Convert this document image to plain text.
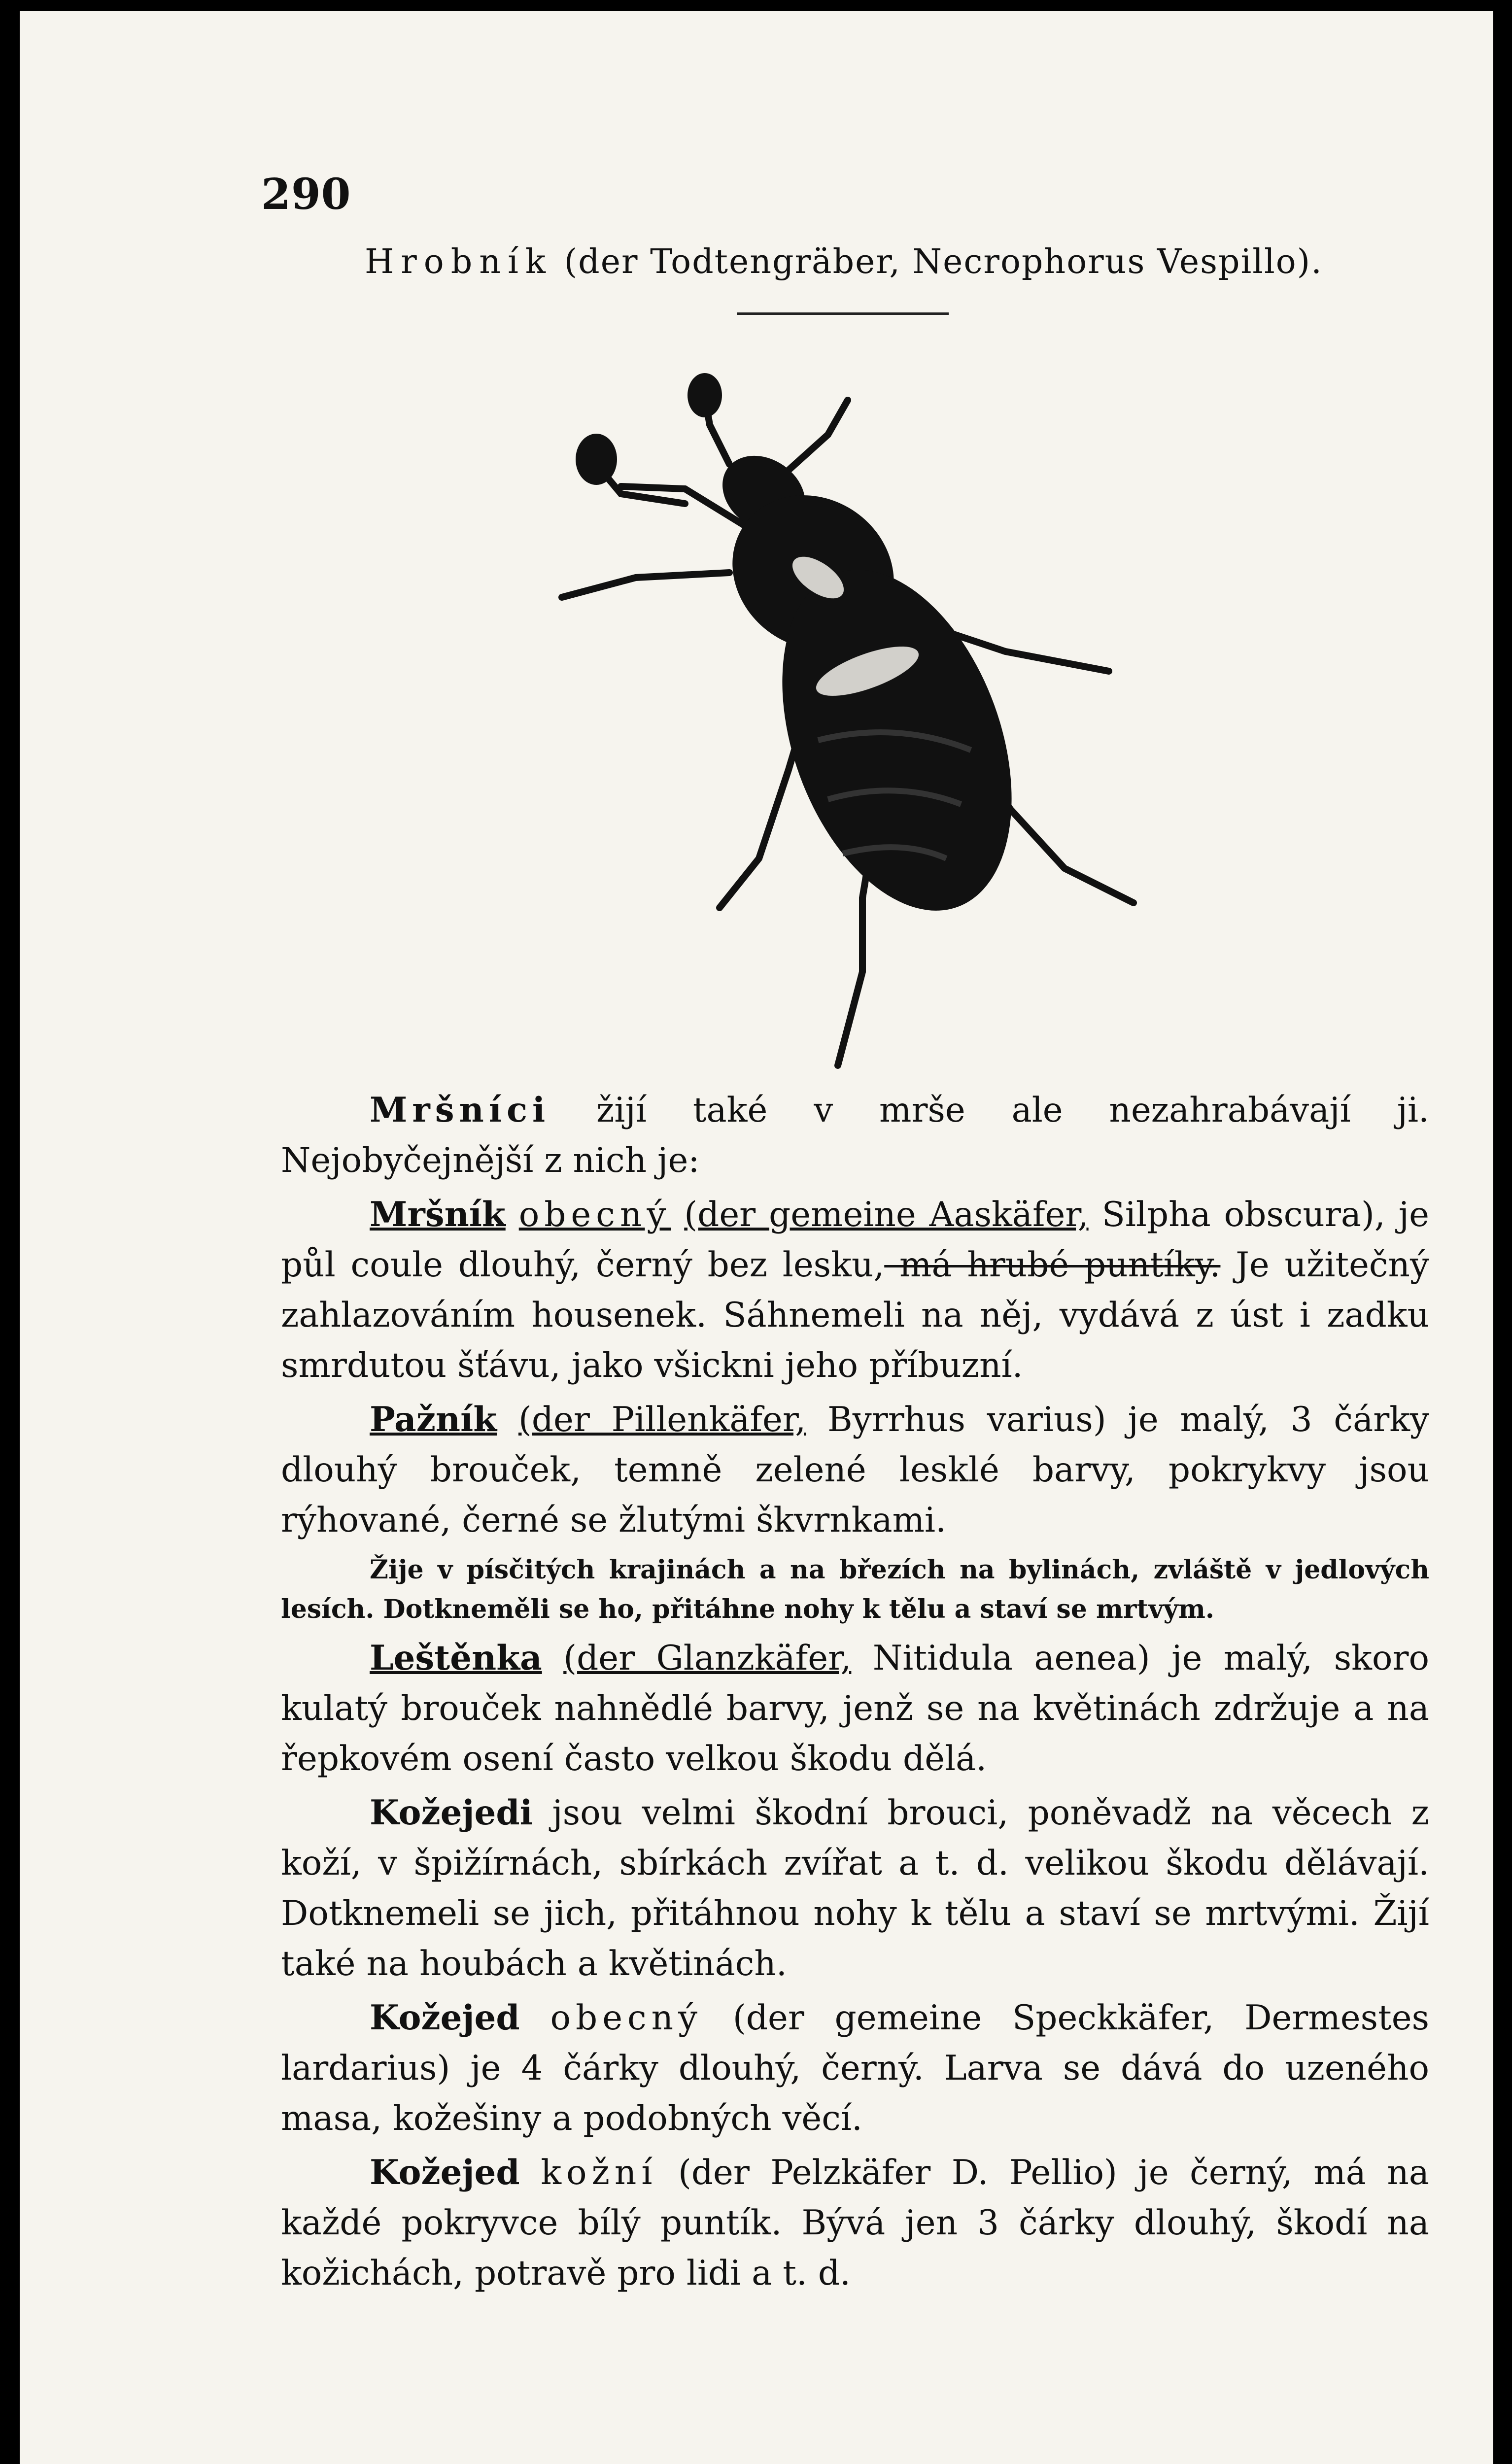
290
Hrobník (der Todtengräber, Necrophorus Vespillo).

Mršníci žijí také v mrše ale nezahrabávají ji. Nejobyčejnější z nich je:

Mršník obecný (der gemeine Aaskäfer, Silpha obscura), je půl coule dlouhý, černý bez lesku, má hrubé puntíky. Je užitečný zahlazováním housenek. Sáhnemeli na něj, vydává z úst i zadku smrdutou šťávu, jako všickni jeho příbuzní.

Pažník (der Pillenkäfer, Byrrhus varius) je malý, 3 čárky dlouhý brouček, temně zelené lesklé barvy, pokrykvy jsou rýhované, černé se žlutými škvrnkami.

Žije v písčitých krajinách a na březích na bylinách, zvláště v jedlových lesích. Dotkneměli se ho, přitáhne nohy k tělu a staví se mrtvým.

Leštěnka (der Glanzkäfer, Nitidula aenea) je malý, skoro kulatý brouček nahnědlé barvy, jenž se na květinách zdržuje a na řepkovém osení často velkou škodu dělá.

Kožejedi jsou velmi škodní brouci, poněvadž na věcech z koží, v špižírnách, sbírkách zvířat a t. d. velikou škodu dělávají. Dotknemeli se jich, přitáhnou nohy k tělu a staví se mrtvými. Žijí také na houbách a květinách.

Kožejed obecný (der gemeine Speckkäfer, Dermestes lardarius) je 4 čárky dlouhý, černý. Larva se dává do uzeného masa, kožešiny a podobných věcí.

Kožejed kožní (der Pelzkäfer D. Pellio) je černý, má na každé pokryvce bílý puntík. Bývá jen 3 čárky dlouhý, škodí na kožichách, potravě pro lidi a t. d.
